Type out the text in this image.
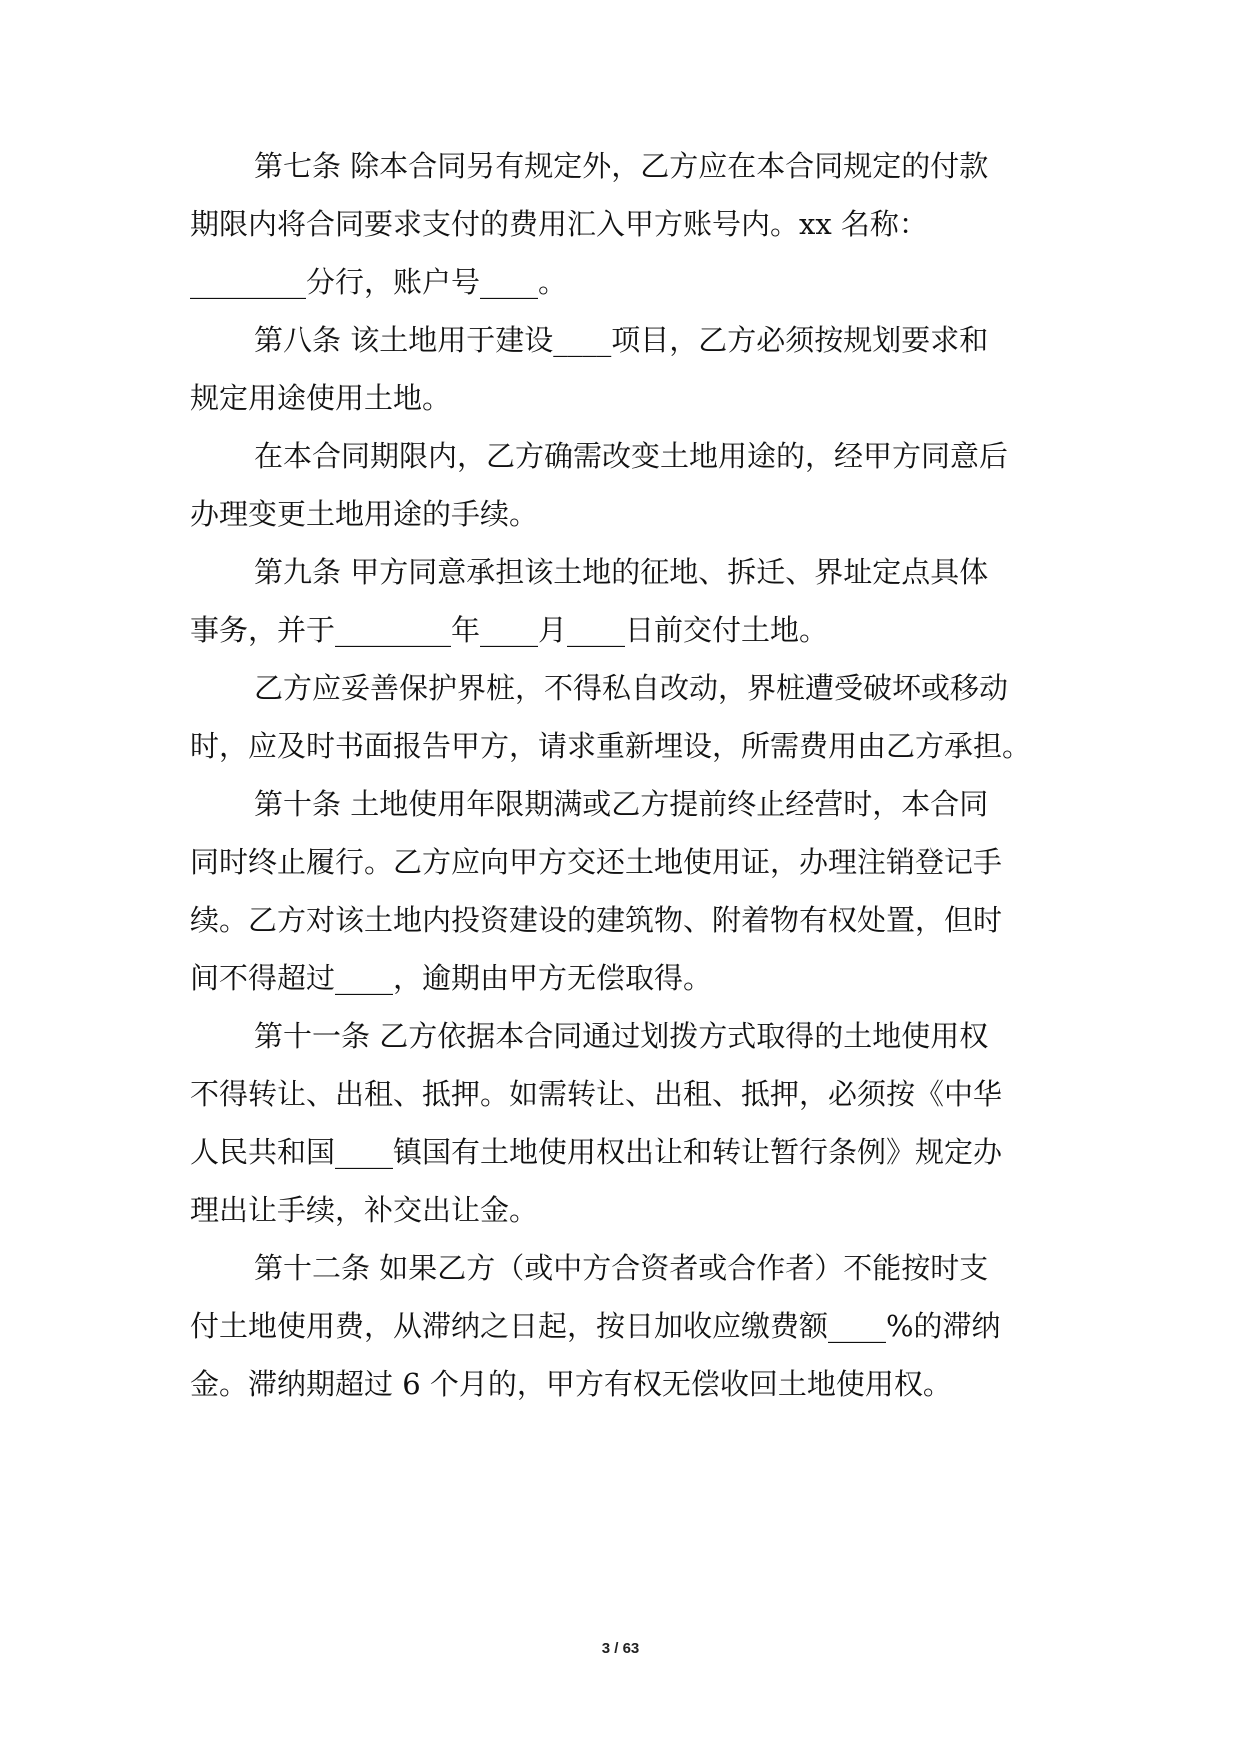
第七条 除本合同另有规定外，乙方应在本合同规定的付款
期限内将合同要求支付的费用汇入甲方账号内。xx 名称：
________分行，账户号____。
第八条 该土地用于建设____项目，乙方必须按规划要求和
规定用途使用土地。
在本合同期限内，乙方确需改变土地用途的，经甲方同意后
办理变更土地用途的手续。
第九条 甲方同意承担该土地的征地、拆迁、界址定点具体
事务，并于________年____月____日前交付土地。
乙方应妥善保护界桩，不得私自改动，界桩遭受破坏或移动
时，应及时书面报告甲方，请求重新埋设，所需费用由乙方承担。
第十条 土地使用年限期满或乙方提前终止经营时，本合同
同时终止履行。乙方应向甲方交还土地使用证，办理注销登记手
续。乙方对该土地内投资建设的建筑物、附着物有权处置，但时
间不得超过____，逾期由甲方无偿取得。
第十一条 乙方依据本合同通过划拨方式取得的土地使用权
不得转让、出租、抵押。如需转让、出租、抵押，必须按《中华
人民共和国____镇国有土地使用权出让和转让暂行条例》规定办
理出让手续，补交出让金。
第十二条 如果乙方（或中方合资者或合作者）不能按时支
付土地使用费，从滞纳之日起，按日加收应缴费额____%的滞纳
金。滞纳期超过 6 个月的，甲方有权无偿收回土地使用权。
3 / 63
